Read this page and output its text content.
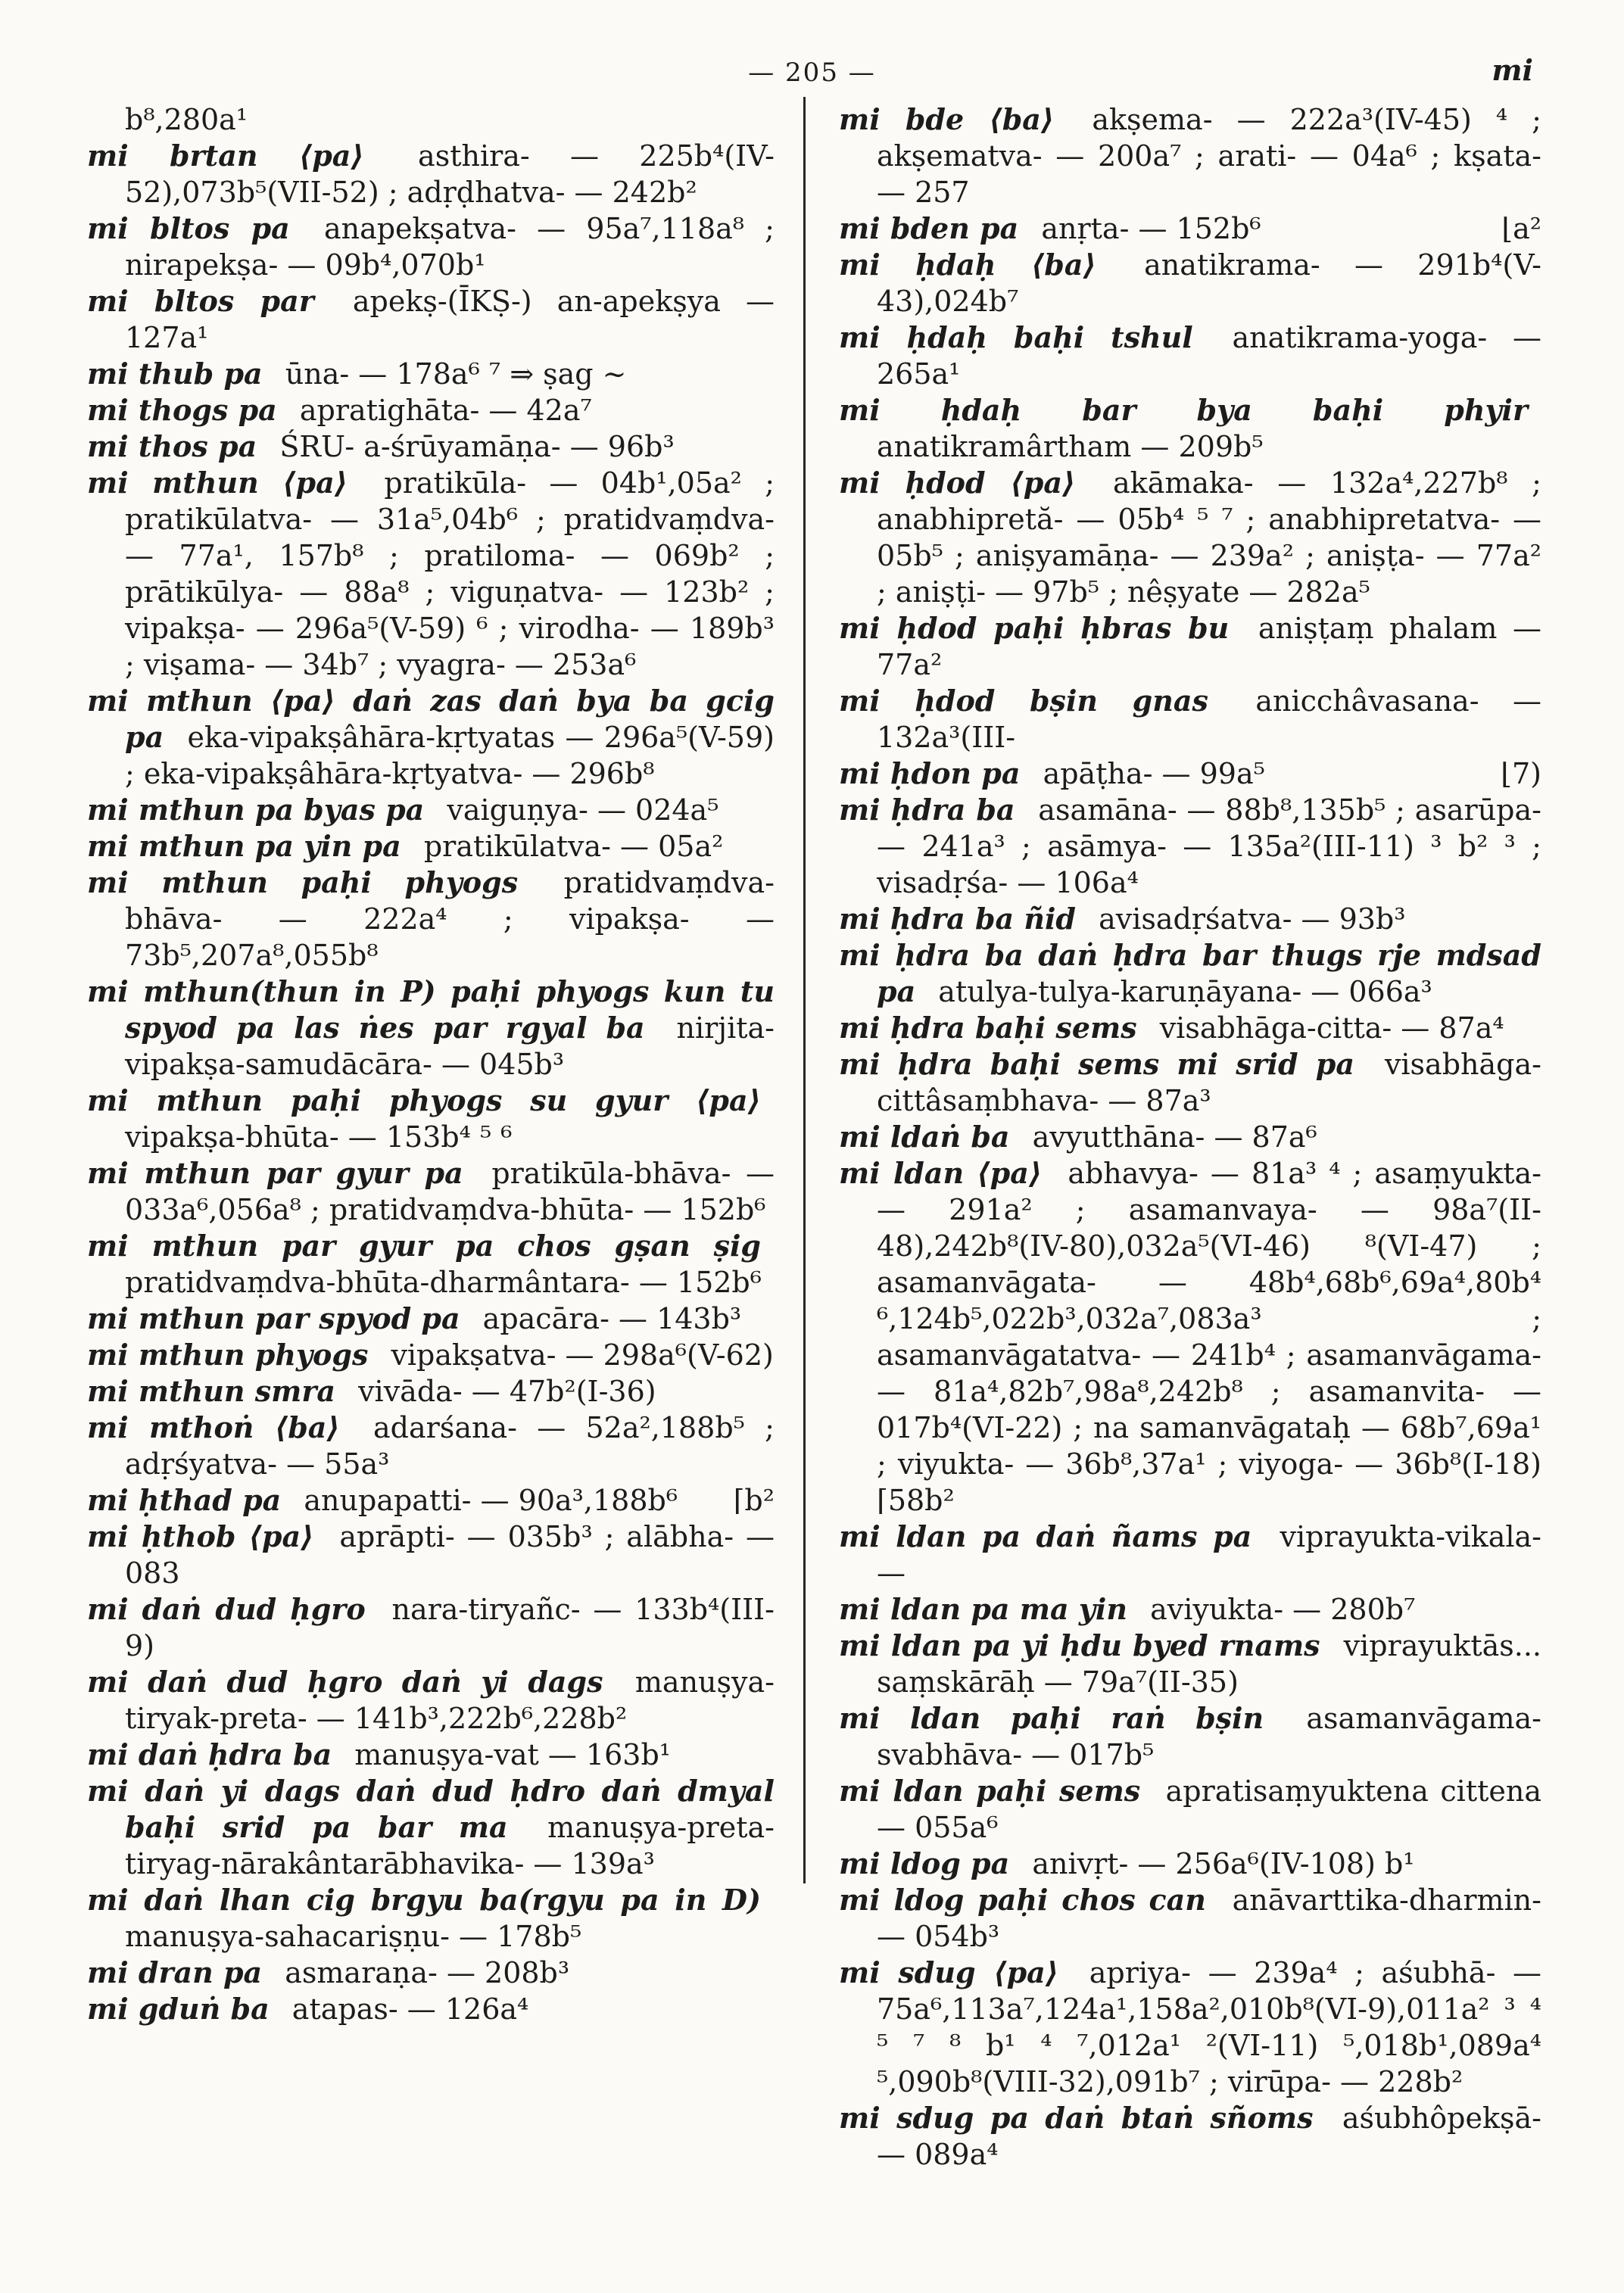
— 205 —	mi

b⁸,280a¹

mi brtan ⟨pa⟩ asthira- — 225b⁴(IV-52),073b⁵(VII-52) ; adṛḍhatva- — 242b²

mi bltos pa anapekṣatva- — 95a⁷,118a⁸ ; nirapekṣa- — 09b⁴,070b¹

mi bltos par apekṣ-(ĪKṢ-) an-apekṣya — 127a¹

mi thub pa ūna- — 178a⁶ ⁷ ⇒ ṣag ~

mi thogs pa apratighāta- — 42a⁷

mi thos pa ŚRU- a-śrūyamāṇa- — 96b³

mi mthun ⟨pa⟩ pratikūla- — 04b¹,05a² ; pratikūlatva- — 31a⁵,04b⁶ ; pratidvaṃdva- — 77a¹, 157b⁸ ; pratiloma- — 069b² ; prātikūlya- — 88a⁸ ; viguṇatva- — 123b² ; vipakṣa- — 296a⁵(V-59) ⁶ ; virodha- — 189b³ ; viṣama- — 34b⁷ ; vyagra- — 253a⁶

mi mthun ⟨pa⟩ daṅ zas daṅ bya ba gcig pa eka-vipakṣâhāra-kṛtyatas — 296a⁵(V-59) ; eka-vipakṣâhāra-kṛtyatva- — 296b⁸

mi mthun pa byas pa vaiguṇya- — 024a⁵

mi mthun pa yin pa pratikūlatva- — 05a²

mi mthun paḥi phyogs pratidvaṃdva-bhāva- — 222a⁴ ; vipakṣa- — 73b⁵,207a⁸,055b⁸

mi mthun(thun in P) paḥi phyogs kun tu spyod pa las ṅes par rgyal ba nirjita-vipakṣa-samudācāra- — 045b³

mi mthun paḥi phyogs su gyur ⟨pa⟩ vipakṣa-bhūta- — 153b⁴ ⁵ ⁶

mi mthun par gyur pa pratikūla-bhāva- — 033a⁶,056a⁸ ; pratidvaṃdva-bhūta- — 152b⁶

mi mthun par gyur pa chos gṣan ṣig pratidvaṃdva-bhūta-dharmântara- — 152b⁶

mi mthun par spyod pa apacāra- — 143b³

mi mthun phyogs vipakṣatva- — 298a⁶(V-62)

mi mthun smra vivāda- — 47b²(I-36)

mi mthoṅ ⟨ba⟩ adarśana- — 52a²,188b⁵ ; adṛśyatva- — 55a³

⌈b²
mi ḥthad pa anupapatti- — 90a³,188b⁶

mi ḥthob ⟨pa⟩ aprāpti- — 035b³ ; alābha- — 083

mi daṅ dud ḥgro nara-tiryañc- — 133b⁴(III-9)

mi daṅ dud ḥgro daṅ yi dags manuṣya-tiryak-preta- — 141b³,222b⁶,228b²

mi daṅ ḥdra ba manuṣya-vat — 163b¹

mi daṅ yi dags daṅ dud ḥdro daṅ dmyal baḥi srid pa bar ma manuṣya-preta-tiryag-nārakântarābhavika- — 139a³

mi daṅ lhan cig brgyu ba(rgyu pa in D) manuṣya-sahacariṣṇu- — 178b⁵

mi dran pa asmaraṇa- — 208b³

mi gduṅ ba atapas- — 126a⁴

mi bde ⟨ba⟩ akṣema- — 222a³(IV-45) ⁴ ; akṣematva- — 200a⁷ ; arati- — 04a⁶ ; kṣata- — 257

⌊a²
mi bden pa anṛta- — 152b⁶

mi ḥdaḥ ⟨ba⟩ anatikrama- — 291b⁴(V-43),024b⁷

mi ḥdaḥ baḥi tshul anatikrama-yoga- — 265a¹

mi ḥdaḥ bar bya baḥi phyir anatikramârtham — 209b⁵

mi ḥdod ⟨pa⟩ akāmaka- — 132a⁴,227b⁸ ; anabhipretă- — 05b⁴ ⁵ ⁷ ; anabhipretatva- — 05b⁵ ; aniṣyamāṇa- — 239a² ; aniṣṭa- — 77a² ; aniṣṭi- — 97b⁵ ; nêṣyate — 282a⁵

mi ḥdod paḥi ḥbras bu aniṣṭaṃ phalam — 77a²

mi ḥdod bṣin gnas anicchâvasana- — 132a³(III-

⌊7)
mi ḥdon pa apāṭha- — 99a⁵

mi ḥdra ba asamāna- — 88b⁸,135b⁵ ; asarūpa- — 241a³ ; asāmya- — 135a²(III-11) ³ b² ³ ; visadṛśa- — 106a⁴

mi ḥdra ba ñid avisadṛśatva- — 93b³

mi ḥdra ba daṅ ḥdra bar thugs rje mdsad pa atulya-tulya-karuṇāyana- — 066a³

mi ḥdra baḥi sems visabhāga-citta- — 87a⁴

mi ḥdra baḥi sems mi srid pa visabhāga-cittâsaṃbhava- — 87a³

mi ldaṅ ba avyutthāna- — 87a⁶

mi ldan ⟨pa⟩ abhavya- — 81a³ ⁴ ; asaṃyukta- — 291a² ; asamanvaya- — 98a⁷(II-48),242b⁸(IV-80),032a⁵(VI-46) ⁸(VI-47) ; asamanvāgata- — 48b⁴,68b⁶,69a⁴,80b⁴ ⁶,124b⁵,022b³,032a⁷,083a³ ; asamanvāgatatva- — 241b⁴ ; asamanvāgama- — 81a⁴,82b⁷,98a⁸,242b⁸ ; asamanvita- — 017b⁴(VI-22) ; na samanvāgataḥ — 68b⁷,69a¹ ; viyukta- — 36b⁸,37a¹ ; viyoga- — 36b⁸(I-18) ⌈58b²

mi ldan pa daṅ ñams pa viprayukta-vikala- —

mi ldan pa ma yin aviyukta- — 280b⁷

mi ldan pa yi ḥdu byed rnams viprayuktās... saṃskārāḥ — 79a⁷(II-35)

mi ldan paḥi raṅ bṣin asamanvāgama-svabhāva- — 017b⁵

mi ldan paḥi sems apratisaṃyuktena cittena — 055a⁶

mi ldog pa anivṛt- — 256a⁶(IV-108) b¹

mi ldog paḥi chos can anāvarttika-dharmin- — 054b³

mi sdug ⟨pa⟩ apriya- — 239a⁴ ; aśubhā- — 75a⁶,113a⁷,124a¹,158a²,010b⁸(VI-9),011a² ³ ⁴ ⁵ ⁷ ⁸ b¹ ⁴ ⁷,012a¹ ²(VI-11) ⁵,018b¹,089a⁴ ⁵,090b⁸(VIII-32),091b⁷ ; virūpa- — 228b²

mi sdug pa daṅ btaṅ sñoms aśubhôpekṣā- — 089a⁴
